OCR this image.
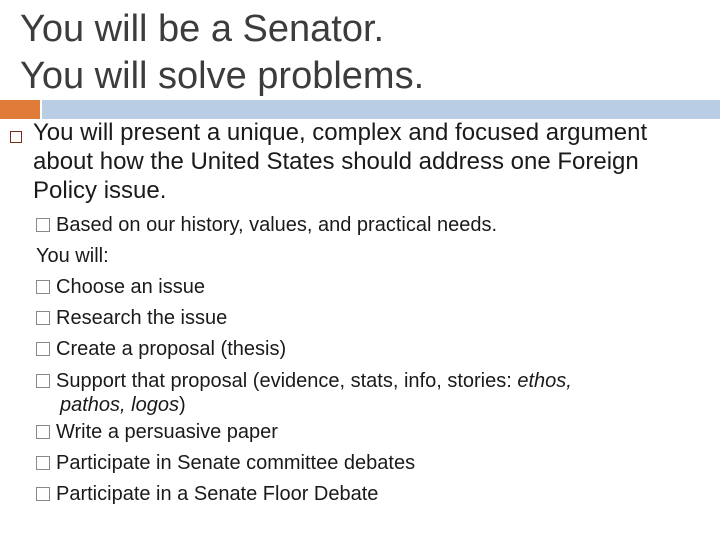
You will be a Senator.
You will solve problems.
You will present a unique, complex and focused argument about how the United States should address one Foreign Policy issue.
Based on our history, values, and practical needs.
You will:
Choose an issue
Research the issue
Create a proposal (thesis)
Support that proposal (evidence, stats, info, stories: ethos,
pathos, logos)
Write a persuasive paper
Participate in Senate committee debates
Participate in a Senate Floor Debate
